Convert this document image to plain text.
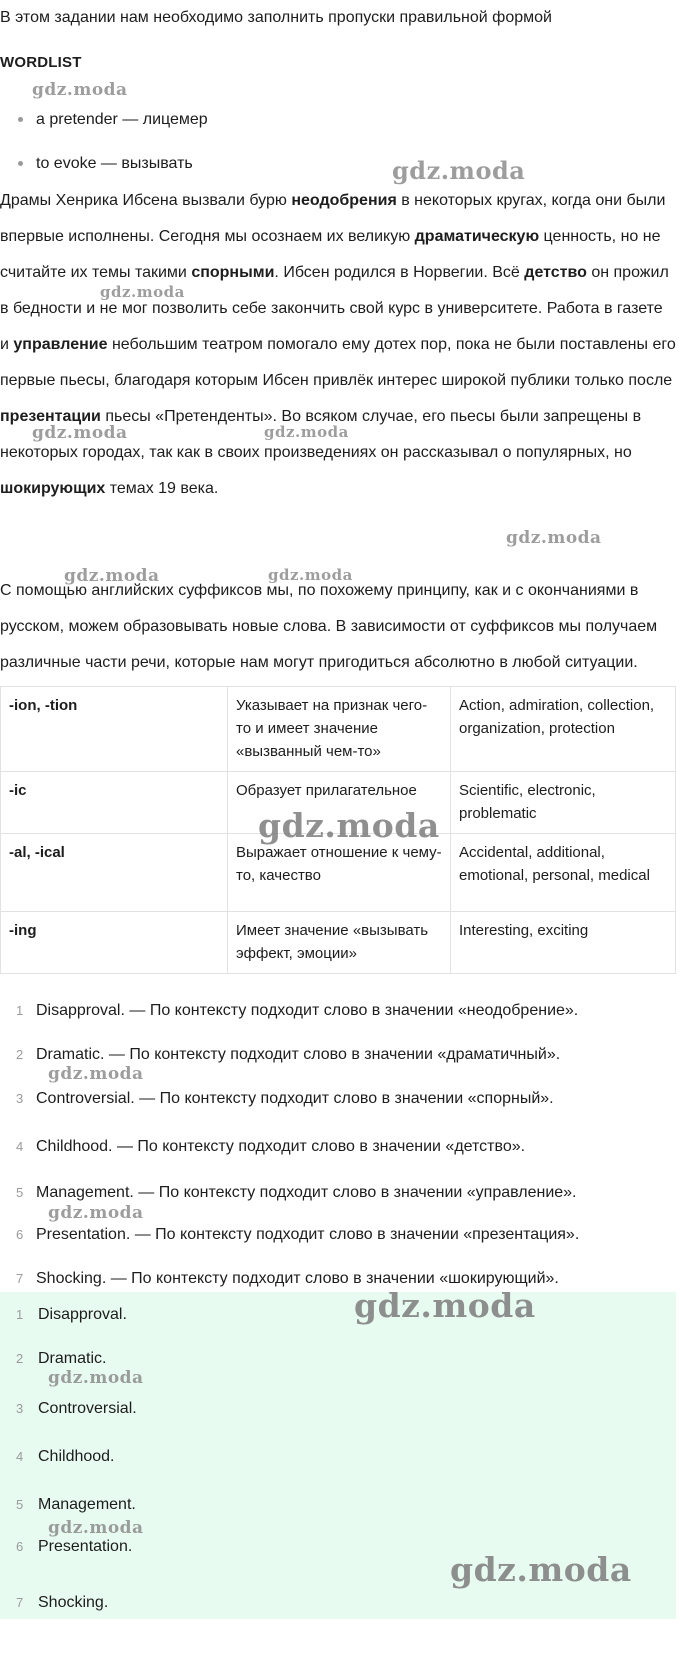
В этом задании нам необходимо заполнить пропуски правильной формой
WORDLIST
a pretender — лицемер
to evoke — вызывать

Драмы Хенрика Ибсена вызвали бурю неодобрения в некоторых кругах, когда они были впервые исполнены. Сегодня мы осознаем их великую драматическую ценность, но не считайте их темы такими спорными. Ибсен родился в Норвегии. Всё детство он прожил в бедности и не мог позволить себе закончить свой курс в университете. Работа в газете и управление небольшим театром помогало ему дотех пор, пока не были поставлены его первые пьесы, благодаря которым Ибсен привлёк интерес широкой публики только после презентации пьесы «Претенденты». Во всяком случае, его пьесы были запрещены в некоторых городах, так как в своих произведениях он рассказывал о популярных, но шокирующих темах 19 века.

С помощью английских суффиксов мы, по похожему принципу, как и с окончаниями в русском, можем образовывать новые слова. В зависимости от суффиксов мы получаем различные части речи, которые нам могут пригодиться абсолютно в любой ситуации.

-ion, -tion	Указывает на признак чего-то и имеет значение «вызванный чем-то»	Action, admiration, collection, organization, protection
-ic	Образует прилагательное	Scientific, electronic, problematic
-al, -ical	Выражает отношение к чему-то, качество	Accidental, additional, emotional, personal, medical
-ing	Имеет значение «вызывать эффект, эмоции»	Interesting, exciting
1 Disapproval. — По контексту подходит слово в значении «неодобрение».
2 Dramatic. — По контексту подходит слово в значении «драматичный».
3 Controversial. — По контексту подходит слово в значении «спорный».
4 Childhood. — По контексту подходит слово в значении «детство».
5 Management. — По контексту подходит слово в значении «управление».
6 Presentation. — По контексту подходит слово в значении «презентация».
7 Shocking. — По контексту подходит слово в значении «шокирующий».
1 Disapproval.
2 Dramatic.
3 Controversial.
4 Childhood.
5 Management.
6 Presentation.
7 Shocking.
gdz.moda
gdz.moda
gdz.moda
gdz.moda	gdz.moda
gdz.moda
gdz.moda	gdz.moda
gdz.moda
gdz.moda
gdz.moda
gdz.moda
gdz.moda
gdz.moda
gdz.moda
